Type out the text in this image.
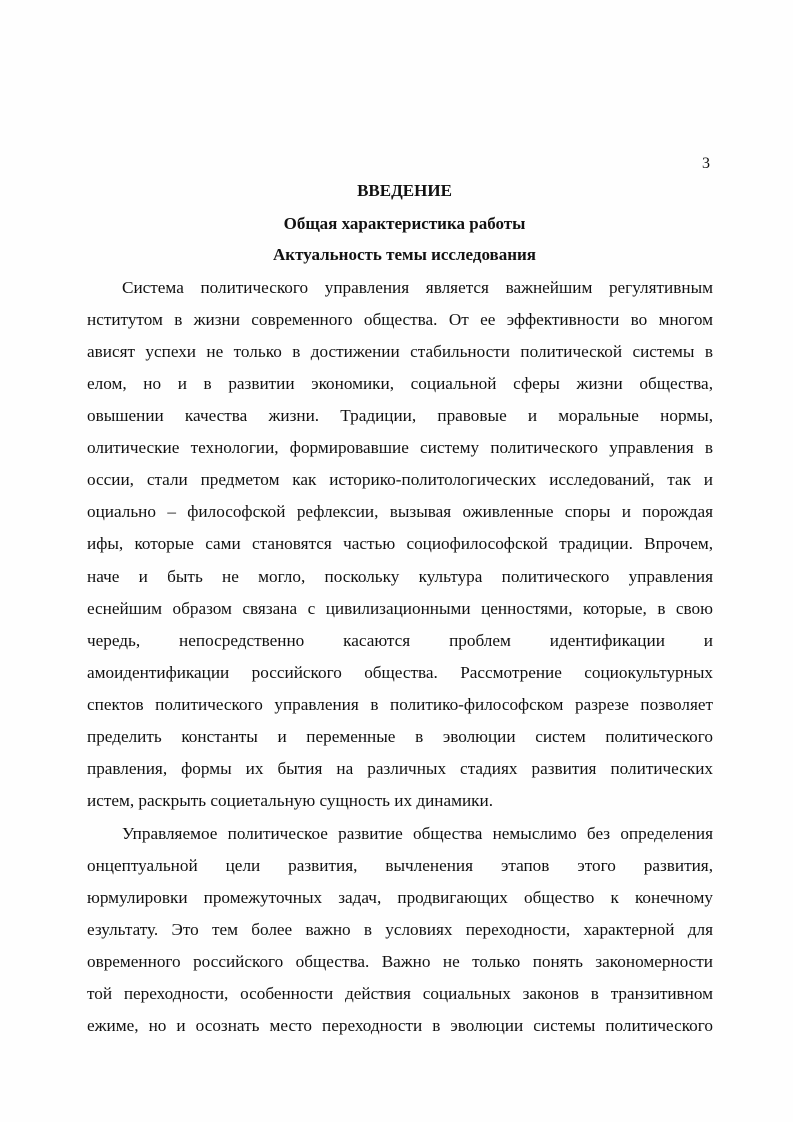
3
ВВЕДЕНИЕ
Общая характеристика работы
Актуальность темы исследования
Система политического управления является важнейшим регулятивным
нститутом в жизни современного общества. От ее эффективности во многом
ависят успехи не только в достижении стабильности политической системы в
елом, но и в развитии экономики, социальной сферы жизни общества,
овышении качества жизни. Традиции, правовые и моральные нормы,
олитические технологии, формировавшие систему политического управления в
оссии, стали предметом как историко-политологических исследований, так и
оциально – философской рефлексии, вызывая оживленные споры и порождая
ифы, которые сами становятся частью социофилософской традиции. Впрочем,
наче и быть не могло, поскольку культура политического управления
еснейшим образом связана с цивилизационными ценностями, которые, в свою
чередь, непосредственно касаются проблем идентификации и
амоидентификации российского общества. Рассмотрение социокультурных
спектов политического управления в политико-философском разрезе позволяет
пределить константы и переменные в эволюции систем политического
правления, формы их бытия на различных стадиях развития политических
истем, раскрыть социетальную сущность их динамики.
Управляемое политическое развитие общества немыслимо без определения
онцептуальной цели развития, вычленения этапов этого развития,
юрмулировки промежуточных задач, продвигающих общество к конечному
езультату. Это тем более важно в условиях переходности, характерной для
овременного российского общества. Важно не только понять закономерности
той переходности, особенности действия социальных законов в транзитивном
ежиме, но и осознать место переходности в эволюции системы политического
